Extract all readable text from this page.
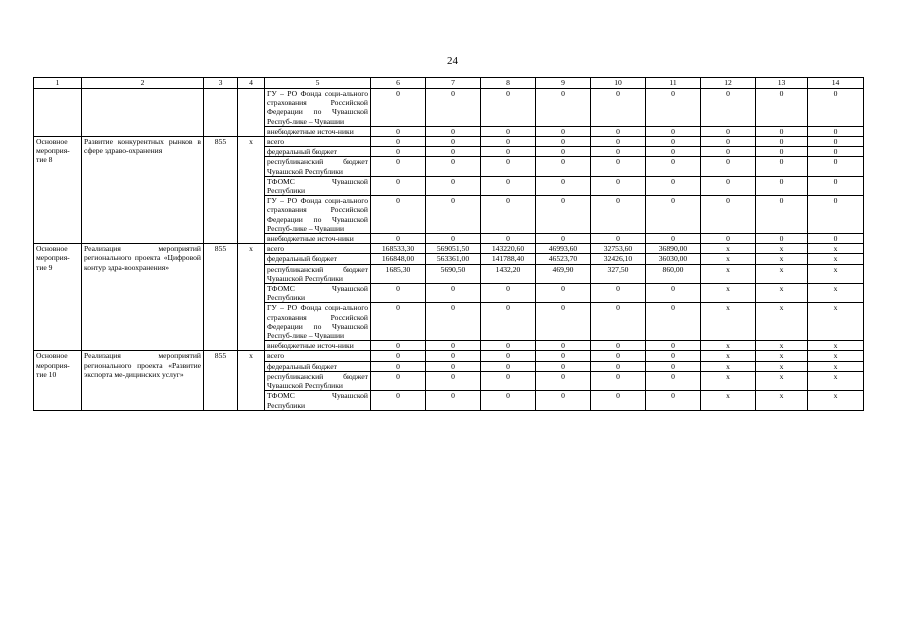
24
1	2	3	4	5	6	7	8	9	10	11	12	13	14
				ГУ – РО Фонда соци-ального страхования Российской Федерации по Чувашской Респуб-лике – Чувашии	0	0	0	0	0	0	0	0	0
				внебюджетные источ-ники	0	0	0	0	0	0	0	0	0
Основное мероприя-тие 8	Развитие конкурентных рынков в сфере здраво-охранения	855	х	всего	0	0	0	0	0	0	0	0	0
				федеральный бюджет	0	0	0	0	0	0	0	0	0
				республиканский бюджет Чувашской Республики	0	0	0	0	0	0	0	0	0
				ТФОМС Чувашской Республики	0	0	0	0	0	0	0	0	0
				ГУ – РО Фонда соци-ального страхования Российской Федерации по Чувашской Респуб-лике – Чувашии	0	0	0	0	0	0	0	0	0
				внебюджетные источ-ники	0	0	0	0	0	0	0	0	0
Основное мероприя-тие 9	Реализация мероприятий регионального проекта «Цифровой контур здра-воохранения»	855	х	всего	168533,30	569051,50	143220,60	46993,60	32753,60	36890,00	х	х	х
				федеральный бюджет	166848,00	563361,00	141788,40	46523,70	32426,10	36030,00	х	х	х
				республиканский бюджет Чувашской Республики	1685,30	5690,50	1432,20	469,90	327,50	860,00	х	х	х
				ТФОМС Чувашской Республики	0	0	0	0	0	0	х	х	х
				ГУ – РО Фонда соци-ального страхования Российской Федерации по Чувашской Респуб-лике – Чувашии	0	0	0	0	0	0	х	х	х
				внебюджетные источ-ники	0	0	0	0	0	0	х	х	х
Основное мероприя-тие 10	Реализация мероприятий регионального проекта «Развитие экспорта ме-дицинских услуг»	855	х	всего	0	0	0	0	0	0	х	х	х
				федеральный бюджет	0	0	0	0	0	0	х	х	х
				республиканский бюджет Чувашской Республики	0	0	0	0	0	0	х	х	х
				ТФОМС Чувашской Республики	0	0	0	0	0	0	х	х	х
